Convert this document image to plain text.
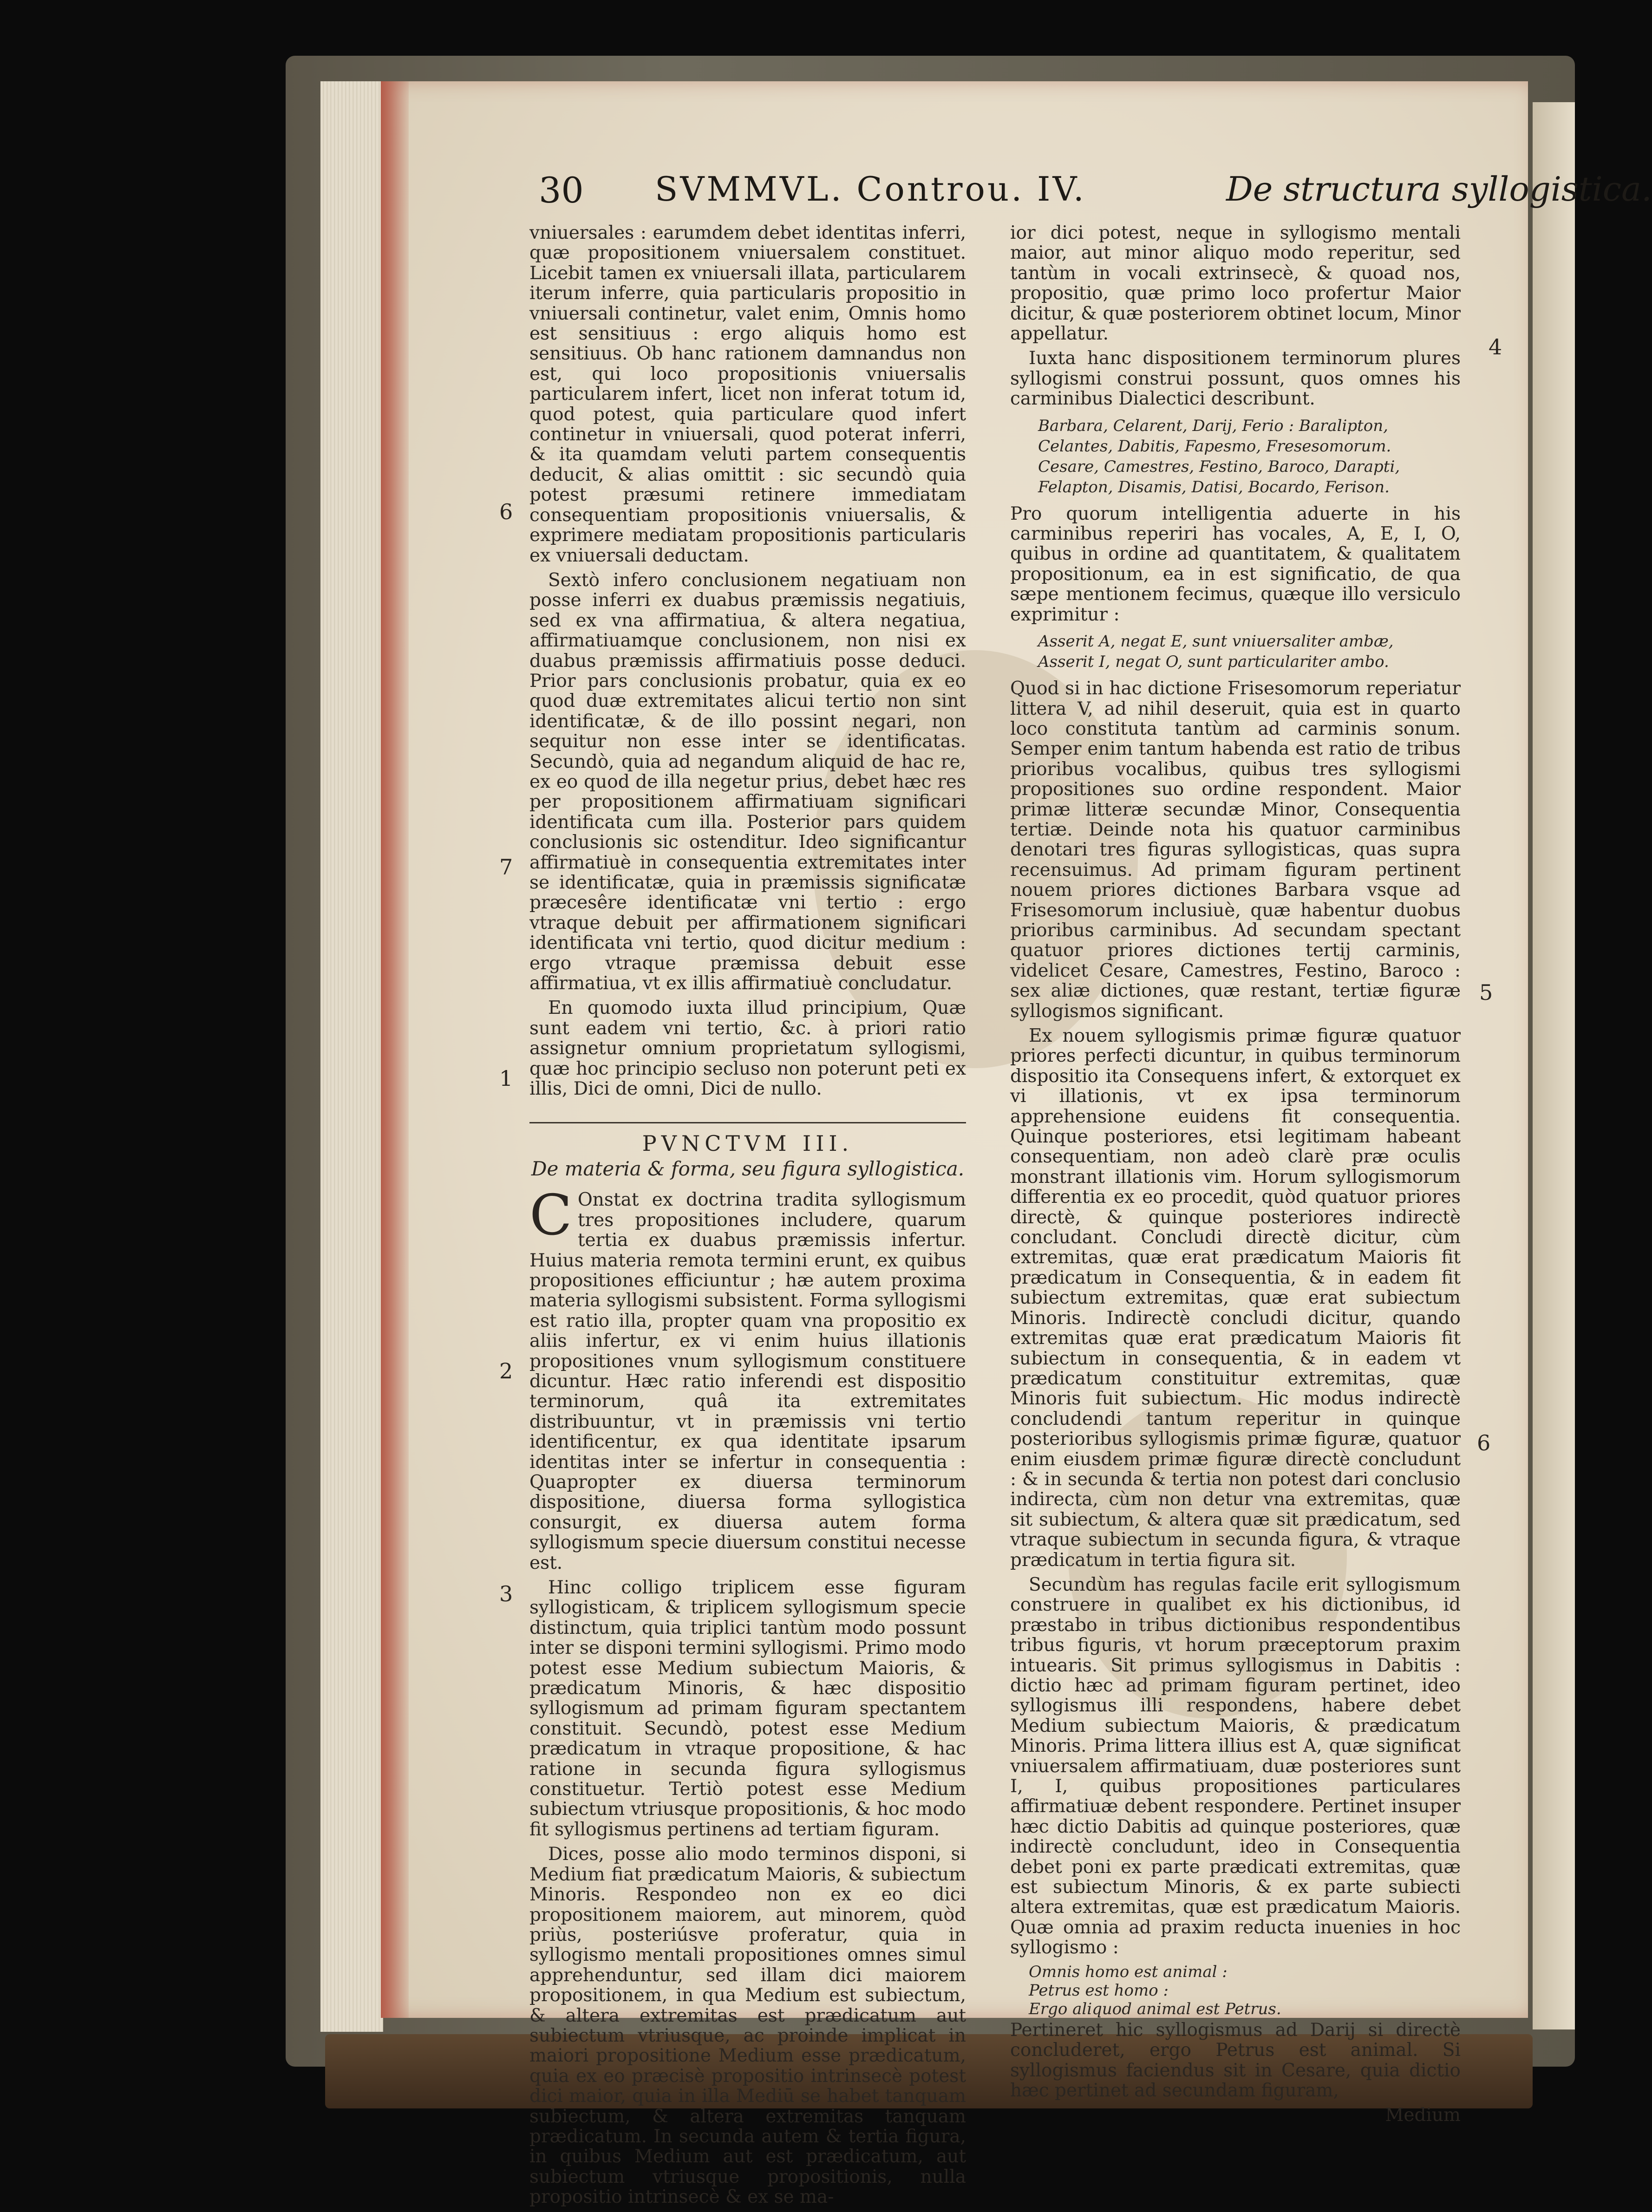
30 SVMMVL. Controu. IV.	De structura syllogistica.
6
7
1
2
3
4
5
6

vniuersales : earumdem debet identitas inferri, quæ propositionem vniuersalem constituet. Licebit tamen ex vniuersali illata, particularem iterum inferre, quia particularis propositio in vniuersali continetur, valet enim, Omnis homo est sensitiuus : ergo aliquis homo est sensitiuus. Ob hanc rationem damnandus non est, qui loco propositionis vniuersalis particularem infert, licet non inferat totum id, quod potest, quia particulare quod infert continetur in vniuersali, quod poterat inferri, & ita quamdam veluti partem consequentis deducit, & alias omittit : sic secundò quia potest præsumi retinere immediatam consequentiam propositionis vniuersalis, & exprimere mediatam propositionis particularis ex vniuersali deductam.

Sextò infero conclusionem negatiuam non posse inferri ex duabus præmissis negatiuis, sed ex vna affirmatiua, & altera negatiua, affirmatiuamque conclusionem, non nisi ex duabus præmissis affirmatiuis posse deduci. Prior pars conclusionis probatur, quia ex eo quod duæ extremitates alicui tertio non sint identificatæ, & de illo possint negari, non sequitur non esse inter se identificatas. Secundò, quia ad negandum aliquid de hac re, ex eo quod de illa negetur prius, debet hæc res per propositionem affirmatiuam significari identificata cum illa. Posterior pars quidem conclusionis sic ostenditur. Ideo significantur affirmatiuè in consequentia extremitates inter se identificatæ, quia in præmissis significatæ præcesêre identificatæ vni tertio : ergo vtraque debuit per affirmationem significari identificata vni tertio, quod dicitur medium : ergo vtraque præmissa debuit esse affirmatiua, vt ex illis affirmatiuè concludatur.

En quomodo iuxta illud principium, Quæ sunt eadem vni tertio, &c. à priori ratio assignetur omnium proprietatum syllogismi, quæ hoc principio secluso non poterunt peti ex illis, Dici de omni, Dici de nullo.

PVNCTVM III.
De materia & forma, seu figura syllogistica.

C Onstat ex doctrina tradita syllogismum tres propositiones includere, quarum tertia ex duabus præmissis infertur. Huius materia remota termini erunt, ex quibus propositiones efficiuntur ; hæ autem proxima materia syllogismi subsistent. Forma syllogismi est ratio illa, propter quam vna propositio ex aliis infertur, ex vi enim huius illationis propositiones vnum syllogismum constituere dicuntur. Hæc ratio inferendi est dispositio terminorum, quâ ita extremitates distribuuntur, vt in præmissis vni tertio identificentur, ex qua identitate ipsarum identitas inter se infertur in consequentia : Quapropter ex diuersa terminorum dispositione, diuersa forma syllogistica consurgit, ex diuersa autem forma syllogismum specie diuersum constitui necesse est.

Hinc colligo triplicem esse figuram syllogisticam, & triplicem syllogismum specie distinctum, quia triplici tantùm modo possunt inter se disponi termini syllogismi. Primo modo potest esse Medium subiectum Maioris, & prædicatum Minoris, & hæc dispositio syllogismum ad primam figuram spectantem constituit. Secundò, potest esse Medium prædicatum in vtraque propositione, & hac ratione in secunda figura syllogismus constituetur. Tertiò potest esse Medium subiectum vtriusque propositionis, & hoc modo fit syllogismus pertinens ad tertiam figuram.

Dices, posse alio modo terminos disponi, si Medium fiat prædicatum Maioris, & subiectum Minoris. Respondeo non ex eo dici propositionem maiorem, aut minorem, quòd priùs, posteriúsve proferatur, quia in syllogismo mentali propositiones omnes simul apprehenduntur, sed illam dici maiorem propositionem, in qua Medium est subiectum, & altera extremitas est prædicatum aut subiectum vtriusque, ac proinde implicat in maiori propositione Medium esse prædicatum, quia ex eo præcisè propositio intrinsecè potest dici maior, quia in illa Mediū se habet tanquam subiectum, & altera extremitas tanquam prædicatum. In secunda autem & tertia figura, in quibus Medium aut est prædicatum, aut subiectum vtriusque propositionis, nulla propositio intrinsecè & ex se ma-

ior dici potest, neque in syllogismo mentali maior, aut minor aliquo modo reperitur, sed tantùm in vocali extrinsecè, & quoad nos, propositio, quæ primo loco profertur Maior dicitur, & quæ posteriorem obtinet locum, Minor appellatur.

Iuxta hanc dispositionem terminorum plures syllogismi construi possunt, quos omnes his carminibus Dialectici describunt.

Barbara, Celarent, Darij, Ferio : Baralipton,
Celantes, Dabitis, Fapesmo, Fresesomorum.
Cesare, Camestres, Festino, Baroco, Darapti,
Felapton, Disamis, Datisi, Bocardo, Ferison.

Pro quorum intelligentia aduerte in his carminibus reperiri has vocales, A, E, I, O, quibus in ordine ad quantitatem, & qualitatem propositionum, ea in est significatio, de qua sæpe mentionem fecimus, quæque illo versiculo exprimitur :

Asserit A, negat E, sunt vniuersaliter ambæ,
Asserit I, negat O, sunt particulariter ambo.

Quod si in hac dictione Frisesomorum reperiatur littera V, ad nihil deseruit, quia est in quarto loco constituta tantùm ad carminis sonum. Semper enim tantum habenda est ratio de tribus prioribus vocalibus, quibus tres syllogismi propositiones suo ordine respondent. Maior primæ litteræ secundæ Minor, Consequentia tertiæ. Deinde nota his quatuor carminibus denotari tres figuras syllogisticas, quas supra recensuimus. Ad primam figuram pertinent nouem priores dictiones Barbara vsque ad Frisesomorum inclusiuè, quæ habentur duobus prioribus carminibus. Ad secundam spectant quatuor priores dictiones tertij carminis, videlicet Cesare, Camestres, Festino, Baroco : sex aliæ dictiones, quæ restant, tertiæ figuræ syllogismos significant.

Ex nouem syllogismis primæ figuræ quatuor priores perfecti dicuntur, in quibus terminorum dispositio ita Consequens infert, & extorquet ex vi illationis, vt ex ipsa terminorum apprehensione euidens fit consequentia. Quinque posteriores, etsi legitimam habeant consequentiam, non adeò clarè præ oculis monstrant illationis vim. Horum syllogismorum differentia ex eo procedit, quòd quatuor priores directè, & quinque posteriores indirectè concludant. Concludi directè dicitur, cùm extremitas, quæ erat prædicatum Maioris fit prædicatum in Consequentia, & in eadem fit subiectum extremitas, quæ erat subiectum Minoris. Indirectè concludi dicitur, quando extremitas quæ erat prædicatum Maioris fit subiectum in consequentia, & in eadem vt prædicatum constituitur extremitas, quæ Minoris fuit subiectum. Hic modus indirectè concludendi tantum reperitur in quinque posterioribus syllogismis primæ figuræ, quatuor enim eiusdem primæ figuræ directè concludunt : & in secunda & tertia non potest dari conclusio indirecta, cùm non detur vna extremitas, quæ sit subiectum, & altera quæ sit prædicatum, sed vtraque subiectum in secunda figura, & vtraque prædicatum in tertia figura sit.

Secundùm has regulas facile erit syllogismum construere in qualibet ex his dictionibus, id præstabo in tribus dictionibus respondentibus tribus figuris, vt horum præceptorum praxim intuearis. Sit primus syllogismus in Dabitis : dictio hæc ad primam figuram pertinet, ideo syllogismus illi respondens, habere debet Medium subiectum Maioris, & prædicatum Minoris. Prima littera illius est A, quæ significat vniuersalem affirmatiuam, duæ posteriores sunt I, I, quibus propositiones particulares affirmatiuæ debent respondere. Pertinet insuper hæc dictio Dabitis ad quinque posteriores, quæ indirectè concludunt, ideo in Consequentia debet poni ex parte prædicati extremitas, quæ est subiectum Minoris, & ex parte subiecti altera extremitas, quæ est prædicatum Maioris. Quæ omnia ad praxim reducta inuenies in hoc syllogismo :

Omnis homo est animal :
Petrus est homo :
Ergo aliquod animal est Petrus.

Pertineret hic syllogismus ad Darij si directè concluderet, ergo Petrus est animal. Si syllogismus faciendus sit in Cesare, quia dictio hæc pertinet ad secundam figuram,

Medium
